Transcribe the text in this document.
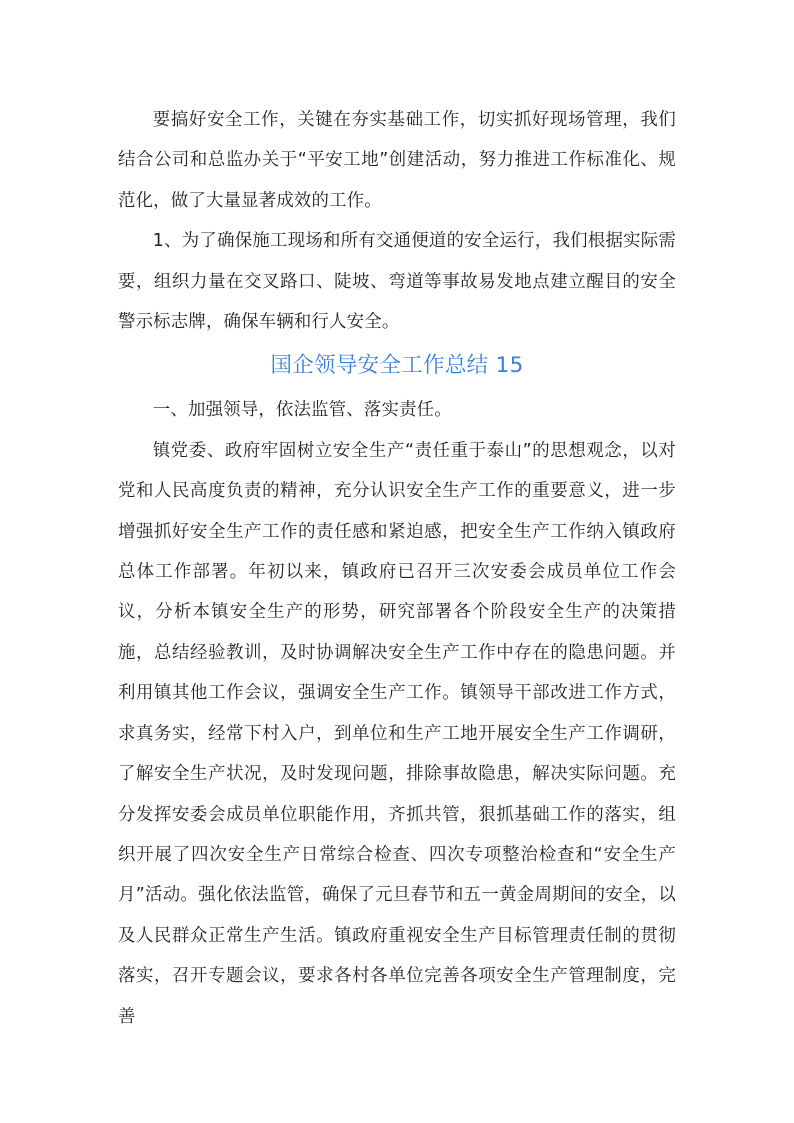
要搞好安全工作，关键在夯实基础工作，切实抓好现场管理，我们结合公司和总监办关于“平安工地”创建活动，努力推进工作标准化、规范化，做了大量显著成效的工作。

1、为了确保施工现场和所有交通便道的安全运行，我们根据实际需要，组织力量在交叉路口、陡坡、弯道等事故易发地点建立醒目的安全警示标志牌，确保车辆和行人安全。

国企领导安全工作总结 15

一、加强领导，依法监管、落实责任。

镇党委、政府牢固树立安全生产“责任重于泰山”的思想观念，以对党和人民高度负责的精神，充分认识安全生产工作的重要意义，进一步增强抓好安全生产工作的责任感和紧迫感，把安全生产工作纳入镇政府总体工作部署。年初以来，镇政府已召开三次安委会成员单位工作会议，分析本镇安全生产的形势，研究部署各个阶段安全生产的决策措施，总结经验教训，及时协调解决安全生产工作中存在的隐患问题。并利用镇其他工作会议，强调安全生产工作。镇领导干部改进工作方式，求真务实，经常下村入户，到单位和生产工地开展安全生产工作调研，了解安全生产状况，及时发现问题，排除事故隐患，解决实际问题。充分发挥安委会成员单位职能作用，齐抓共管，狠抓基础工作的落实，组织开展了四次安全生产日常综合检查、四次专项整治检查和“安全生产月”活动。强化依法监管，确保了元旦春节和五一黄金周期间的安全，以及人民群众正常生产生活。镇政府重视安全生产目标管理责任制的贯彻落实，召开专题会议，要求各村各单位完善各项安全生产管理制度，完善
